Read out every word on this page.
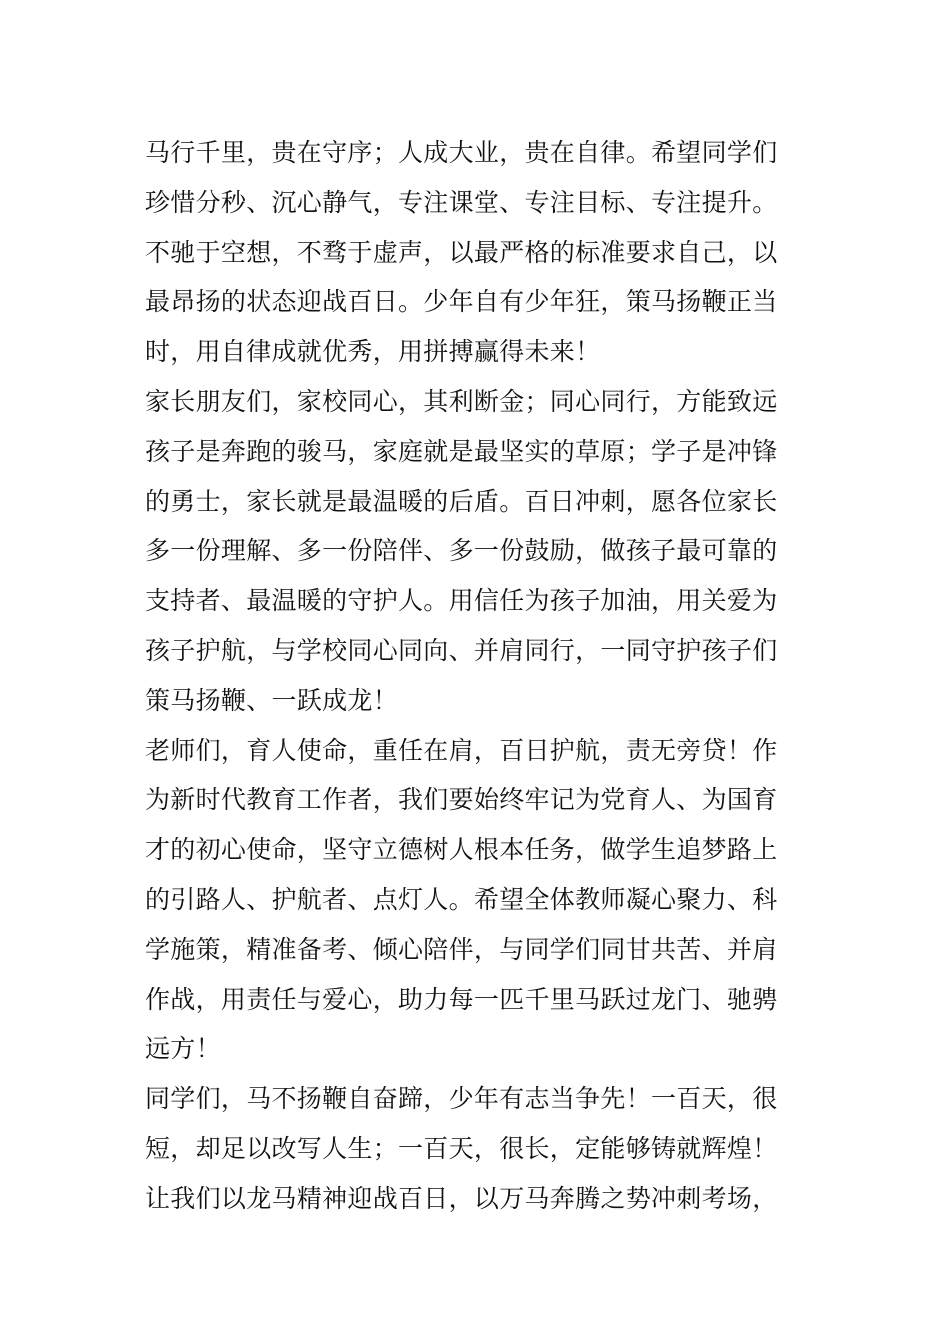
马行千里，贵在守序；人成大业，贵在自律。希望同学们
珍惜分秒、沉心静气，专注课堂、专注目标、专注提升。
不驰于空想，不骛于虚声，以最严格的标准要求自己，以
最昂扬的状态迎战百日。少年自有少年狂，策马扬鞭正当
时，用自律成就优秀，用拼搏赢得未来！
家长朋友们，家校同心，其利断金；同心同行，方能致远
孩子是奔跑的骏马，家庭就是最坚实的草原；学子是冲锋
的勇士，家长就是最温暖的后盾。百日冲刺，愿各位家长
多一份理解、多一份陪伴、多一份鼓励，做孩子最可靠的
支持者、最温暖的守护人。用信任为孩子加油，用关爱为
孩子护航，与学校同心同向、并肩同行，一同守护孩子们
策马扬鞭、一跃成龙！
老师们，育人使命，重任在肩，百日护航，责无旁贷！作
为新时代教育工作者，我们要始终牢记为党育人、为国育
才的初心使命，坚守立德树人根本任务，做学生追梦路上
的引路人、护航者、点灯人。希望全体教师凝心聚力、科
学施策，精准备考、倾心陪伴，与同学们同甘共苦、并肩
作战，用责任与爱心，助力每一匹千里马跃过龙门、驰骋
远方！
同学们，马不扬鞭自奋蹄，少年有志当争先！一百天，很
短，却足以改写人生；一百天，很长，定能够铸就辉煌！
让我们以龙马精神迎战百日，以万马奔腾之势冲刺考场，
